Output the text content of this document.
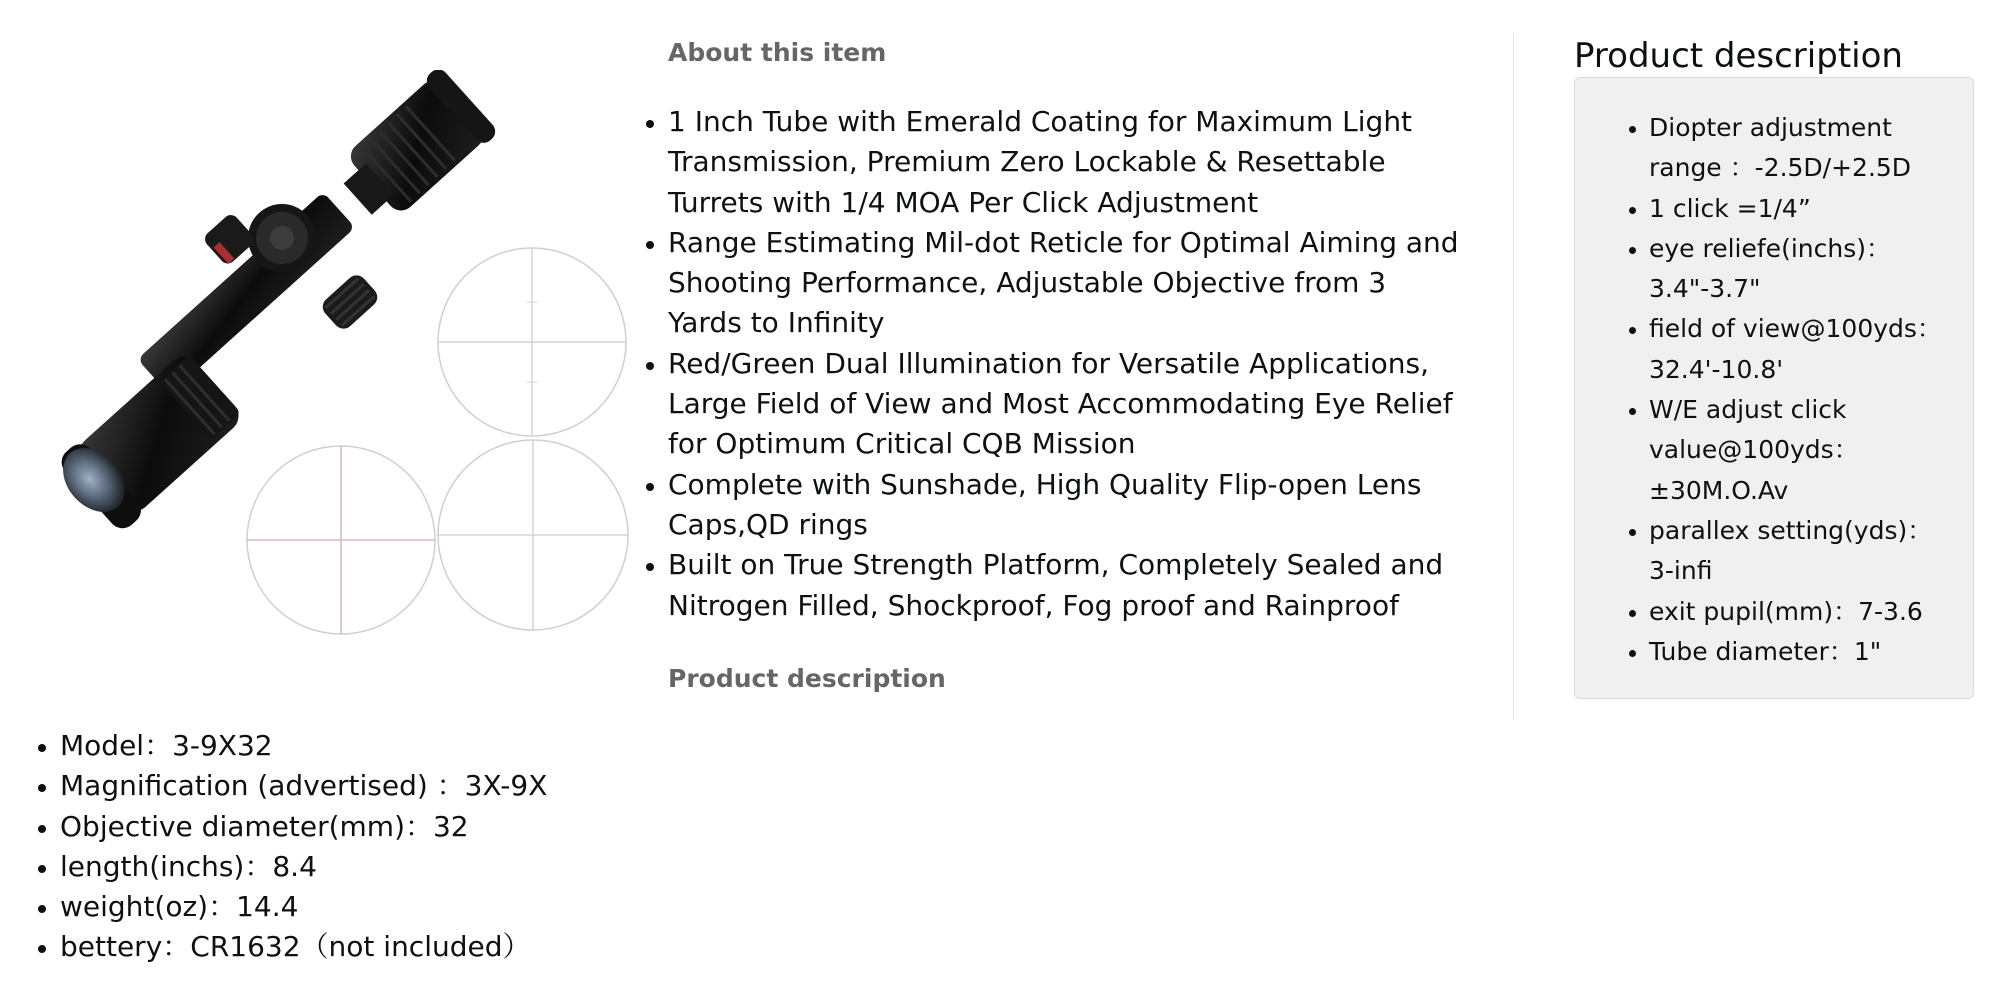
About this item
• 1 Inch Tube with Emerald Coating for Maximum Light Transmission, Premium Zero Lockable & Resettable Turrets with 1/4 MOA Per Click Adjustment
• Range Estimating Mil-dot Reticle for Optimal Aiming and Shooting Performance, Adjustable Objective from 3 Yards to Infinity
• Red/Green Dual Illumination for Versatile Applications, Large Field of View and Most Accommodating Eye Relief for Optimum Critical CQB Mission
• Complete with Sunshade, High Quality Flip-open Lens Caps,QD rings
• Built on True Strength Platform, Completely Sealed and Nitrogen Filled, Shockproof, Fog proof and Rainproof
Product description
Product description
• Diopter adjustment range ：-2.5D/+2.5D
• 1 click =1/4”
• eye reliefe(inchs)：3.4"-3.7"
• field of view@100yds：32.4'-10.8'
• W/E adjust click value@100yds：±30M.O.Av
• parallex setting(yds)：3-infi
• exit pupil(mm)：7-3.6
• Tube diameter：1"
• Model：3-9X32
• Magnification (advertised) ：3X-9X
• Objective diameter(mm)：32
• length(inchs)：8.4
• weight(oz)：14.4
• bettery：CR1632（not included）
